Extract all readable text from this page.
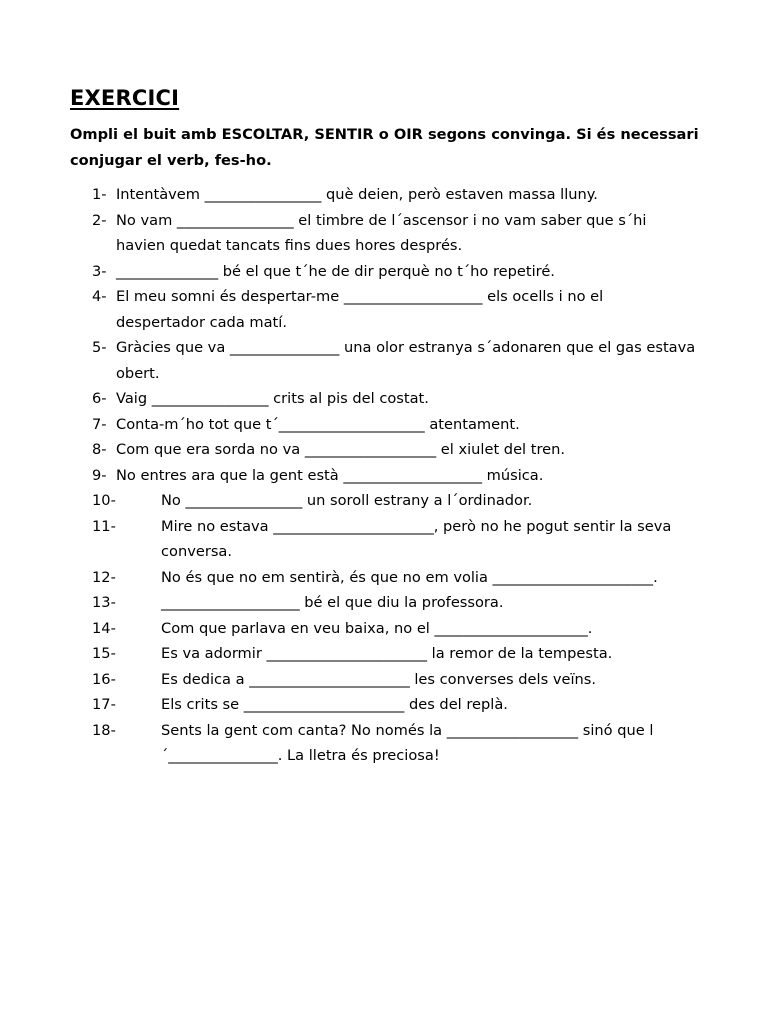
EXERCICI

Ompli el buit amb ESCOLTAR, SENTIR o OIR segons convinga. Si és necessari conjugar el verb, fes-ho.

1- Intentàvem ________________ què deien, però estaven massa lluny.
2- No vam ________________ el timbre de l´ascensor i no vam saber que s´hi havien quedat tancats fins dues hores després.
3- ______________ bé el que t´he de dir perquè no t´ho repetiré.
4- El meu somni és despertar-me ___________________ els ocells i no el despertador cada matí.
5- Gràcies que va _______________ una olor estranya s´adonaren que el gas estava obert.
6- Vaig ________________ crits al pis del costat.
7- Conta-m´ho tot que t´____________________ atentament.
8- Com que era sorda no va __________________ el xiulet del tren.
9- No entres ara que la gent està ___________________ música.
10-	No ________________ un soroll estrany a l´ordinador.
11-	Mire no estava ______________________, però no he pogut sentir la seva conversa.
12-	No és que no em sentirà, és que no em volia ______________________.
13-	___________________ bé el que diu la professora.
14-	Com que parlava en veu baixa, no el _____________________.
15-	Es va adormir ______________________ la remor de la tempesta.
16-	Es dedica a ______________________ les converses dels veïns.
17-	Els crits se ______________________ des del replà.
18-	Sents la gent com canta? No només la __________________ sinó que l´_______________. La lletra és preciosa!
